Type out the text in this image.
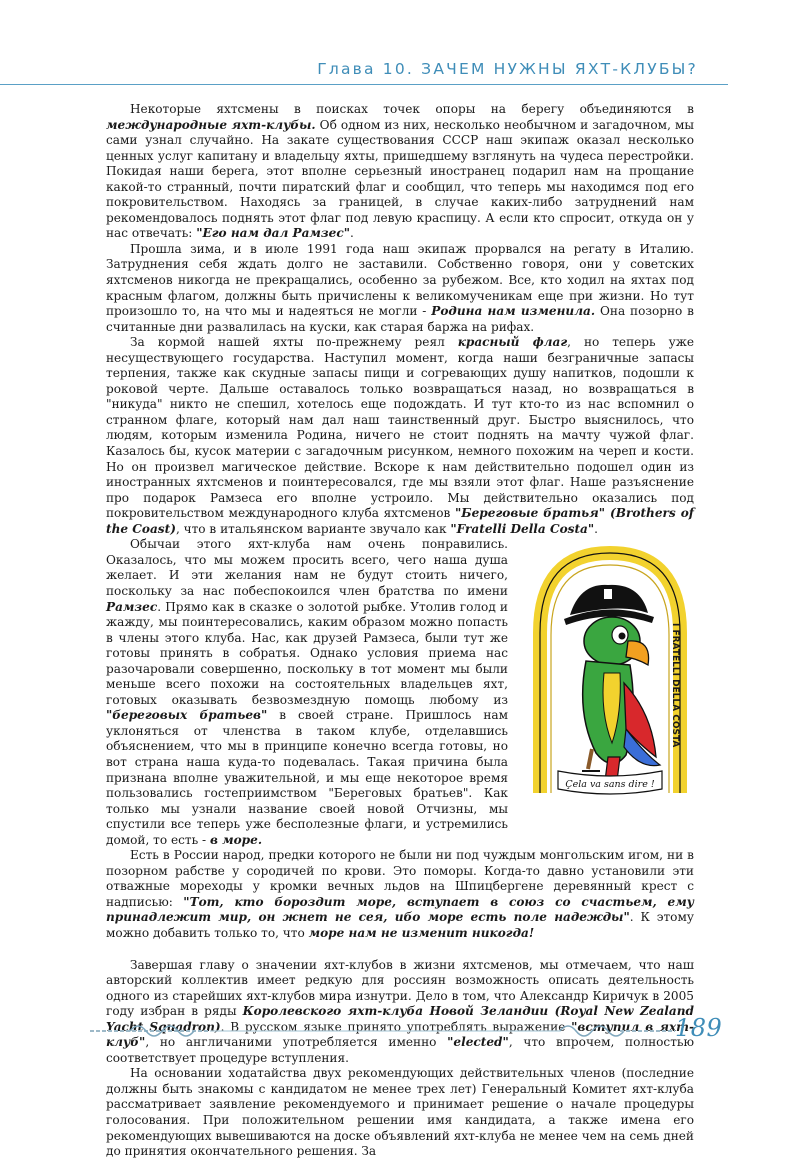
Глава 10. ЗАЧЕМ НУЖНЫ ЯХТ-КЛУБЫ?

Некоторые яхтсмены в поисках точек опоры на берегу объединяются в международные яхт-клубы. Об одном из них, несколько необычном и загадочном, мы сами узнал случайно. На закате существования СССР наш экипаж оказал несколько ценных услуг капитану и владельцу яхты, пришедшему взглянуть на чудеса перестройки. Покидая наши берега, этот вполне серьезный иностранец подарил нам на прощание какой-то странный, почти пиратский флаг и сообщил, что теперь мы находимся под его покровительством. Находясь за границей, в случае каких-либо затруднений нам рекомендовалось поднять этот флаг под левую краспицу. А если кто спросит, откуда он у нас отвечать: "Его нам дал Рамзес".

Прошла зима, и в июле 1991 года наш экипаж прорвался на регату в Италию. Затруднения себя ждать долго не заставили. Собственно говоря, они у советских яхтсменов никогда не прекращались, особенно за рубежом. Все, кто ходил на яхтах под красным флагом, должны быть причислены к великомученикам еще при жизни. Но тут произошло то, на что мы и надеяться не могли - Родина нам изменила. Она позорно в считанные дни развалилась на куски, как старая баржа на рифах.

За кормой нашей яхты по-прежнему реял красный флаг, но теперь уже несуществующего государства. Наступил момент, когда наши безграничные запасы терпения, также как скудные запасы пищи и согревающих душу напитков, подошли к роковой черте. Дальше оставалось только возвращаться назад, но возвращаться в "никуда" никто не спешил, хотелось еще подождать. И тут кто-то из нас вспомнил о странном флаге, который нам дал наш таинственный друг. Быстро выяснилось, что людям, которым изменила Родина, ничего не стоит поднять на мачту чужой флаг. Казалось бы, кусок материи с загадочным рисунком, немного похожим на череп и кости. Но он произвел магическое действие. Вскоре к нам действительно подошел один из иностранных яхтсменов и поинтересовался, где мы взяли этот флаг. Наше разъяснение про подарок Рамзеса его вполне устроило. Мы действительно оказались под покровительством международного клуба яхтсменов "Береговые братья" (Brothers of the Coast), что в итальянском варианте звучало как "Fratelli Della Costa".

I FRATELLI DELLA COSTA
Çela va sans dire !
Обычаи этого яхт-клуба нам очень понравились. Оказалось, что мы можем просить всего, чего наша душа желает. И эти желания нам не будут стоить ничего, поскольку за нас побеспокоился член братства по имени Рамзес. Прямо как в сказке о золотой рыбке. Утолив голод и жажду, мы поинтересовались, каким образом можно попасть в члены этого клуба. Нас, как друзей Рамзеса, были тут же готовы принять в собратья. Однако условия приема нас разочаровали совершенно, поскольку в тот момент мы были меньше всего похожи на состоятельных владельцев яхт, готовых оказывать безвозмездную помощь любому из "береговых братьев" в своей стране. Пришлось нам уклоняться от членства в таком клубе, отделавшись объяснением, что мы в принципе конечно всегда готовы, но вот страна наша куда-то подевалась. Такая причина была признана вполне уважительной, и мы еще некоторое время пользовались гостеприимством "Береговых братьев". Как только мы узнали название своей новой Отчизны, мы спустили все теперь уже бесполезные флаги, и устремились домой, то есть - в море.

Есть в России народ, предки которого не были ни под чуждым монгольским игом, ни в позорном рабстве у сородичей по крови. Это поморы. Когда-то давно установили эти отважные мореходы у кромки вечных льдов на Шпицбергене деревянный крест с надписью: "Тот, кто бороздит море, вступает в союз со счастьем, ему принадлежит мир, он жнет не сея, ибо море есть поле надежды". К этому можно добавить только то, что море нам не изменит никогда!

Завершая главу о значении яхт-клубов в жизни яхтсменов, мы отмечаем, что наш авторский коллектив имеет редкую для россиян возможность описать деятельность одного из старейших яхт-клубов мира изнутри. Дело в том, что Александр Киричук в 2005 году избран в ряды Королевского яхт-клуба Новой Зеландии (Royal New Zealand Yacht Squadron). В русском языке принято употреблять выражение "вступил в яхт-клуб", но англичаними употребляется именно "elected", что впрочем, полностью соответствует процедуре вступления.

На основании ходатайства двух рекомендующих действительных членов (последние должны быть знакомы с кандидатом не менее трех лет) Генеральный Комитет яхт-клуба рассматривает заявление рекомендуемого и принимает решение о начале процедуры голосования. При положительном решении имя кандидата, а также имена его рекомендующих вывешиваются на доске объявлений яхт-клуба не менее чем на семь дней до принятия окончательного решения. За

189
